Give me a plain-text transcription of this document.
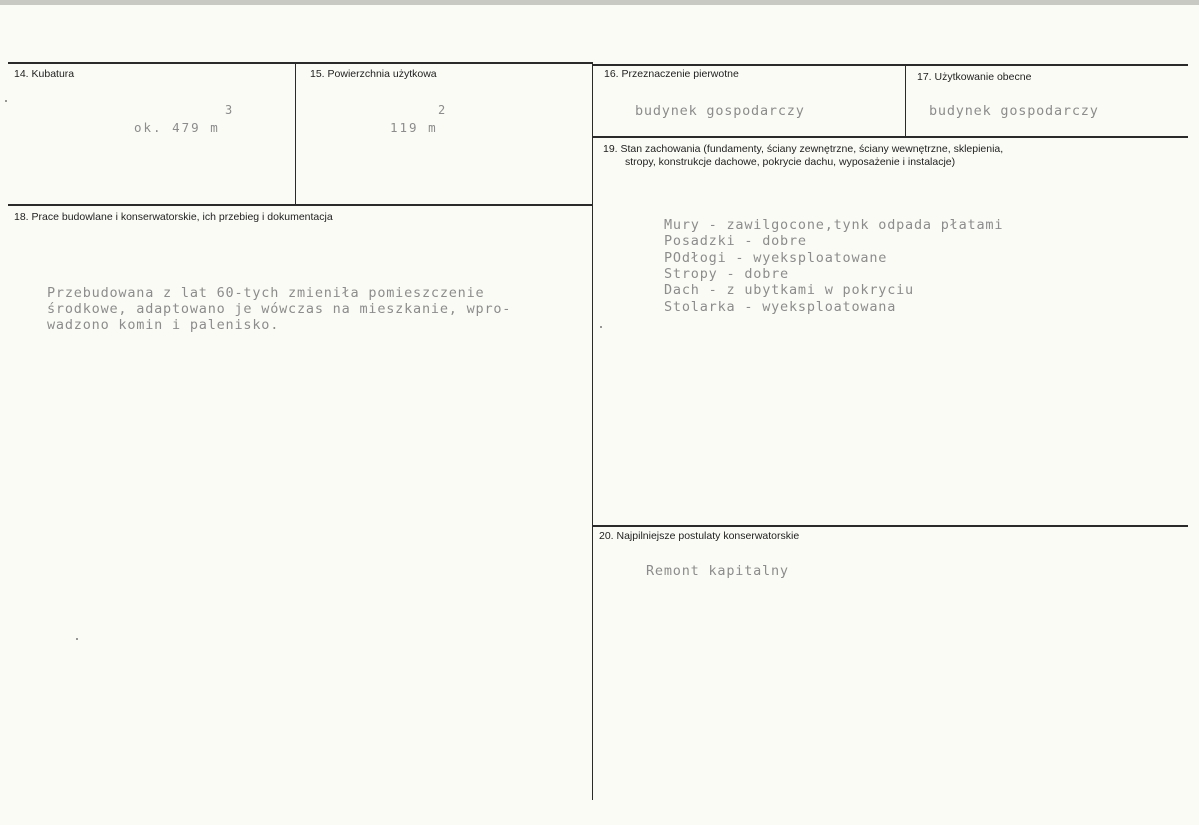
14. Kubatura
3
ok. 479 m
15. Powierzchnia użytkowa
2
119 m
16. Przeznaczenie pierwotne
budynek gospodarczy
17. Użytkowanie obecne
budynek gospodarczy
18. Prace budowlane i konserwatorskie, ich przebieg i dokumentacja
Przebudowana z lat 60-tych zmieniła pomieszczenie
środkowe, adaptowano je wówczas na mieszkanie, wpro-
wadzono komin i palenisko.
19. Stan zachowania (fundamenty, ściany zewnętrzne, ściany wewnętrzne, sklepienia,
stropy, konstrukcje dachowe, pokrycie dachu, wyposażenie i instalacje)
Mury - zawilgocone,tynk odpada płatami
Posadzki - dobre
POdłogi - wyeksploatowane
Stropy - dobre
Dach - z ubytkami w pokryciu
Stolarka - wyeksploatowana
20. Najpilniejsze postulaty konserwatorskie
Remont kapitalny
